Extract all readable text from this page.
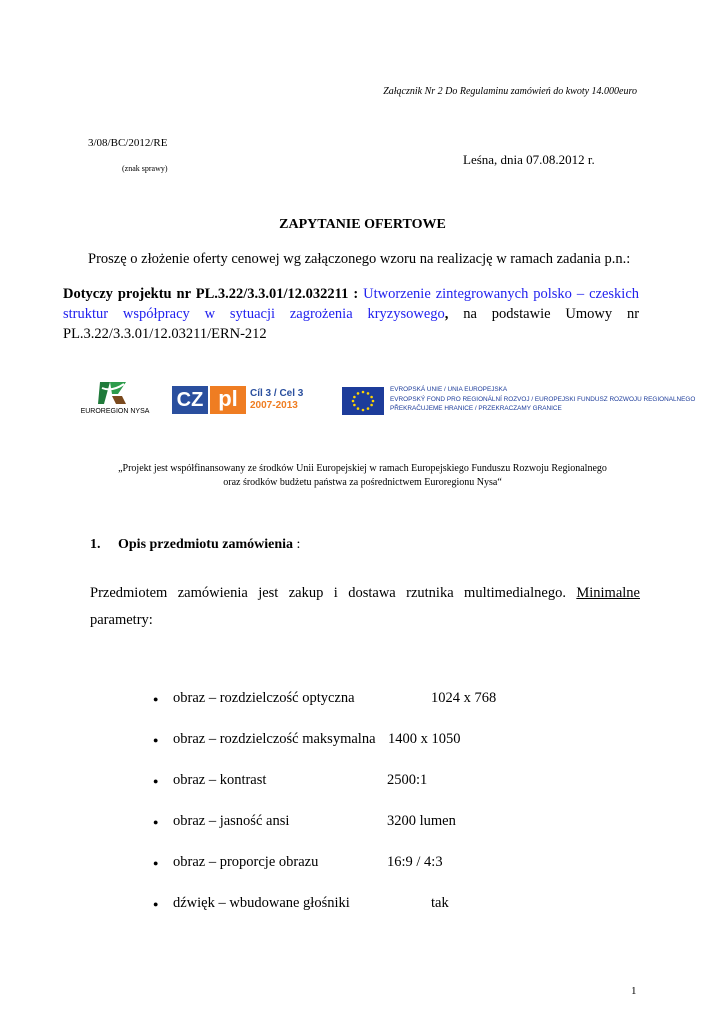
Załącznik Nr 2 Do Regulaminu zamówień do kwoty 14.000euro
3/08/BC/2012/RE
(znak sprawy)
Leśna, dnia 07.08.2012 r.
ZAPYTANIE OFERTOWE
Proszę o złożenie oferty cenowej wg załączonego wzoru na realizację w ramach zadania p.n.:
Dotyczy projektu nr PL.3.22/3.3.01/12.032211 : Utworzenie zintegrowanych polsko – czeskich struktur współpracy w sytuacji zagrożenia kryzysowego, na podstawie Umowy nr PL.3.22/3.3.01/12.03211/ERN-212
EUROREGION NYSA
CZ pl	Cíl 3 / Cel 3
2007-2013
EVROPSKÁ UNIE / UNIA EUROPEJSKA
EVROPSKÝ FOND PRO REGIONÁLNÍ ROZVOJ / EUROPEJSKI FUNDUSZ ROZWOJU REGIONALNEGO
PŘEKRAČUJEME HRANICE / PRZEKRACZAMY GRANICE
„Projekt jest współfinansowany ze środków Unii Europejskiej w ramach Europejskiego Funduszu Rozwoju Regionalnego
oraz środków budżetu państwa za pośrednictwem Euroregionu Nysa“
1. Opis przedmiotu zamówienia :
Przedmiotem zamówienia jest zakup i dostawa rzutnika multimedialnego. Minimalne parametry:
● obraz – rozdzielczość optyczna	1024 x 768
● obraz – rozdzielczość maksymalna 1400 x 1050
● obraz – kontrast	2500:1
● obraz – jasność ansi	3200 lumen
● obraz – proporcje obrazu	16:9 / 4:3
● dźwięk – wbudowane głośniki	tak
1
